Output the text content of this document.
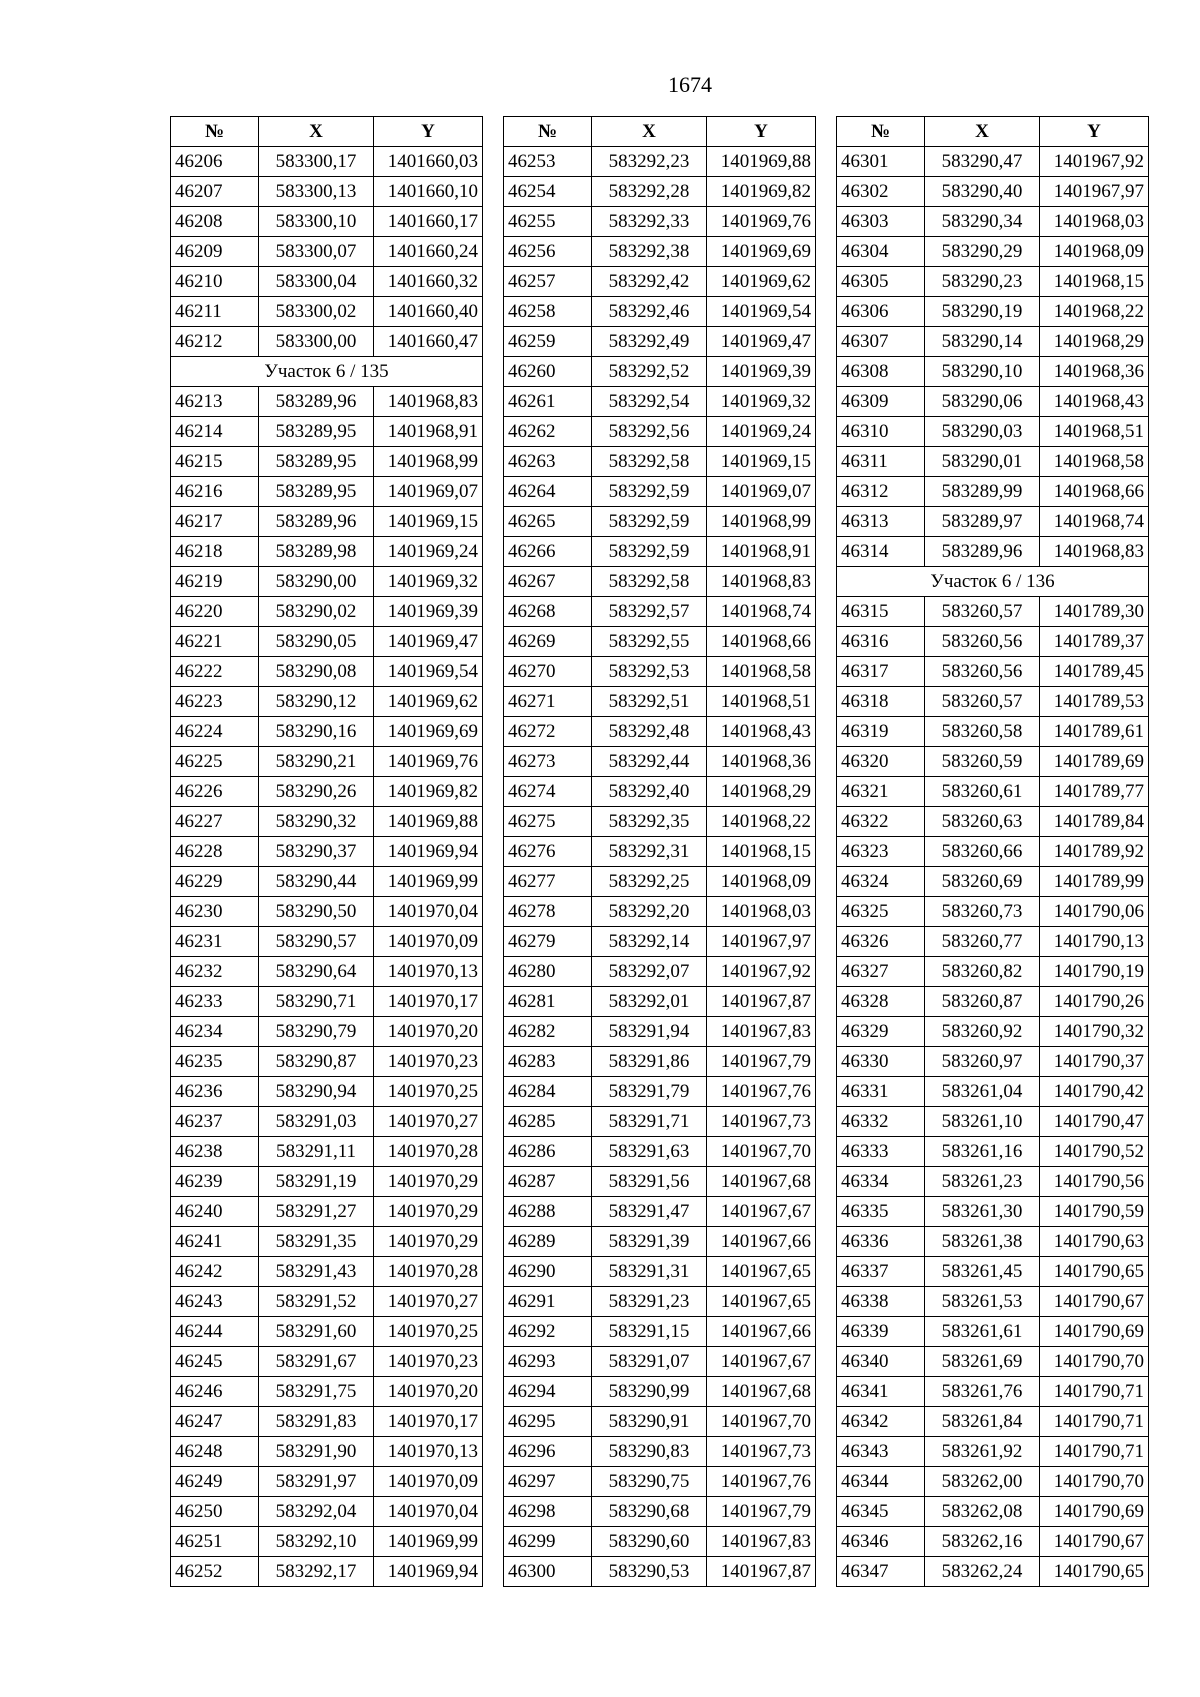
1674
№	X	Y
46206	583300,17	1401660,03
46207	583300,13	1401660,10
46208	583300,10	1401660,17
46209	583300,07	1401660,24
46210	583300,04	1401660,32
46211	583300,02	1401660,40
46212	583300,00	1401660,47
Участок 6 / 135		
46213	583289,96	1401968,83
46214	583289,95	1401968,91
46215	583289,95	1401968,99
46216	583289,95	1401969,07
46217	583289,96	1401969,15
46218	583289,98	1401969,24
46219	583290,00	1401969,32
46220	583290,02	1401969,39
46221	583290,05	1401969,47
46222	583290,08	1401969,54
46223	583290,12	1401969,62
46224	583290,16	1401969,69
46225	583290,21	1401969,76
46226	583290,26	1401969,82
46227	583290,32	1401969,88
46228	583290,37	1401969,94
46229	583290,44	1401969,99
46230	583290,50	1401970,04
46231	583290,57	1401970,09
46232	583290,64	1401970,13
46233	583290,71	1401970,17
46234	583290,79	1401970,20
46235	583290,87	1401970,23
46236	583290,94	1401970,25
46237	583291,03	1401970,27
46238	583291,11	1401970,28
46239	583291,19	1401970,29
46240	583291,27	1401970,29
46241	583291,35	1401970,29
46242	583291,43	1401970,28
46243	583291,52	1401970,27
46244	583291,60	1401970,25
46245	583291,67	1401970,23
46246	583291,75	1401970,20
46247	583291,83	1401970,17
46248	583291,90	1401970,13
46249	583291,97	1401970,09
46250	583292,04	1401970,04
46251	583292,10	1401969,99
46252	583292,17	1401969,94
№	X	Y
46253	583292,23	1401969,88
46254	583292,28	1401969,82
46255	583292,33	1401969,76
46256	583292,38	1401969,69
46257	583292,42	1401969,62
46258	583292,46	1401969,54
46259	583292,49	1401969,47
46260	583292,52	1401969,39
46261	583292,54	1401969,32
46262	583292,56	1401969,24
46263	583292,58	1401969,15
46264	583292,59	1401969,07
46265	583292,59	1401968,99
46266	583292,59	1401968,91
46267	583292,58	1401968,83
46268	583292,57	1401968,74
46269	583292,55	1401968,66
46270	583292,53	1401968,58
46271	583292,51	1401968,51
46272	583292,48	1401968,43
46273	583292,44	1401968,36
46274	583292,40	1401968,29
46275	583292,35	1401968,22
46276	583292,31	1401968,15
46277	583292,25	1401968,09
46278	583292,20	1401968,03
46279	583292,14	1401967,97
46280	583292,07	1401967,92
46281	583292,01	1401967,87
46282	583291,94	1401967,83
46283	583291,86	1401967,79
46284	583291,79	1401967,76
46285	583291,71	1401967,73
46286	583291,63	1401967,70
46287	583291,56	1401967,68
46288	583291,47	1401967,67
46289	583291,39	1401967,66
46290	583291,31	1401967,65
46291	583291,23	1401967,65
46292	583291,15	1401967,66
46293	583291,07	1401967,67
46294	583290,99	1401967,68
46295	583290,91	1401967,70
46296	583290,83	1401967,73
46297	583290,75	1401967,76
46298	583290,68	1401967,79
46299	583290,60	1401967,83
46300	583290,53	1401967,87
№	X	Y
46301	583290,47	1401967,92
46302	583290,40	1401967,97
46303	583290,34	1401968,03
46304	583290,29	1401968,09
46305	583290,23	1401968,15
46306	583290,19	1401968,22
46307	583290,14	1401968,29
46308	583290,10	1401968,36
46309	583290,06	1401968,43
46310	583290,03	1401968,51
46311	583290,01	1401968,58
46312	583289,99	1401968,66
46313	583289,97	1401968,74
46314	583289,96	1401968,83
Участок 6 / 136		
46315	583260,57	1401789,30
46316	583260,56	1401789,37
46317	583260,56	1401789,45
46318	583260,57	1401789,53
46319	583260,58	1401789,61
46320	583260,59	1401789,69
46321	583260,61	1401789,77
46322	583260,63	1401789,84
46323	583260,66	1401789,92
46324	583260,69	1401789,99
46325	583260,73	1401790,06
46326	583260,77	1401790,13
46327	583260,82	1401790,19
46328	583260,87	1401790,26
46329	583260,92	1401790,32
46330	583260,97	1401790,37
46331	583261,04	1401790,42
46332	583261,10	1401790,47
46333	583261,16	1401790,52
46334	583261,23	1401790,56
46335	583261,30	1401790,59
46336	583261,38	1401790,63
46337	583261,45	1401790,65
46338	583261,53	1401790,67
46339	583261,61	1401790,69
46340	583261,69	1401790,70
46341	583261,76	1401790,71
46342	583261,84	1401790,71
46343	583261,92	1401790,71
46344	583262,00	1401790,70
46345	583262,08	1401790,69
46346	583262,16	1401790,67
46347	583262,24	1401790,65
